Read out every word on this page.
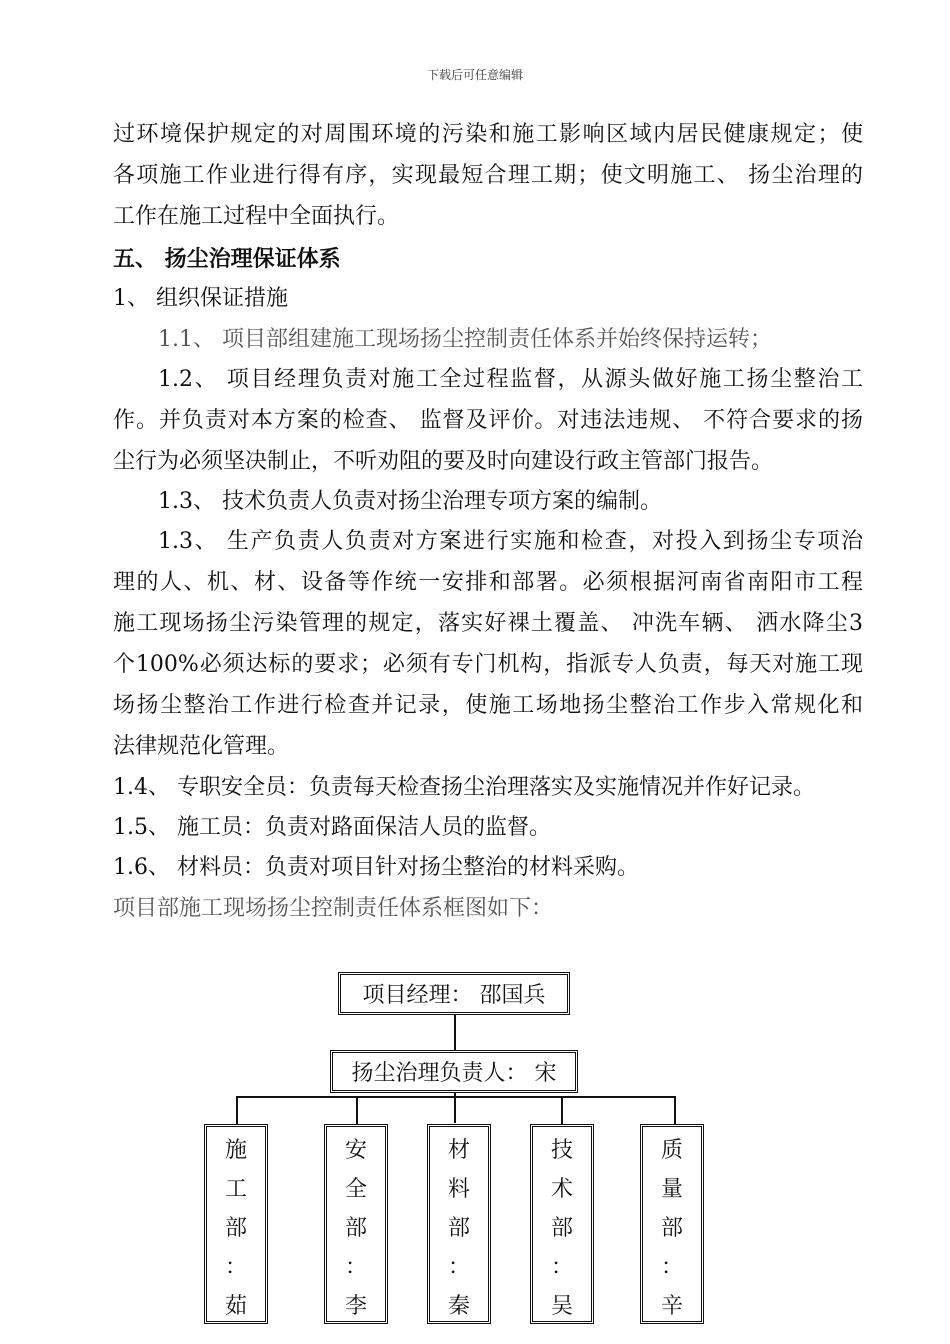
下载后可任意编辑
过环境保护规定的对周围环境的污染和施工影响区域内居民健康规定；使
各项施工作业进行得有序，实现最短合理工期；使文明施工、 扬尘治理的
工作在施工过程中全面执行。
五、 扬尘治理保证体系
1、 组织保证措施
1.1、 项目部组建施工现场扬尘控制责任体系并始终保持运转；
1.2、 项目经理负责对施工全过程监督，从源头做好施工扬尘整治工
作。并负责对本方案的检查、 监督及评价。对违法违规、 不符合要求的扬
尘行为必须坚决制止，不听劝阻的要及时向建设行政主管部门报告。
1.3、 技术负责人负责对扬尘治理专项方案的编制。
1.3、 生产负责人负责对方案进行实施和检查，对投入到扬尘专项治
理的人、机、材、设备等作统一安排和部署。必须根据河南省南阳市工程
施工现场扬尘污染管理的规定，落实好裸土覆盖、 冲洗车辆、 洒水降尘3
个100%必须达标的要求；必须有专门机构，指派专人负责，每天对施工现
场扬尘整治工作进行检查并记录，使施工场地扬尘整治工作步入常规化和
法律规范化管理。
1.4、 专职安全员：负责每天检查扬尘治理落实及实施情况并作好记录。
1.5、 施工员：负责对路面保洁人员的监督。
1.6、 材料员：负责对项目针对扬尘整治的材料采购。
项目部施工现场扬尘控制责任体系框图如下：
项目经理： 邵国兵
扬尘治理负责人： 宋
施
工
部
：
茹
安
全
部
：
李
材
料
部
：
秦
技
术
部
：
吴
质
量
部
：
辛
